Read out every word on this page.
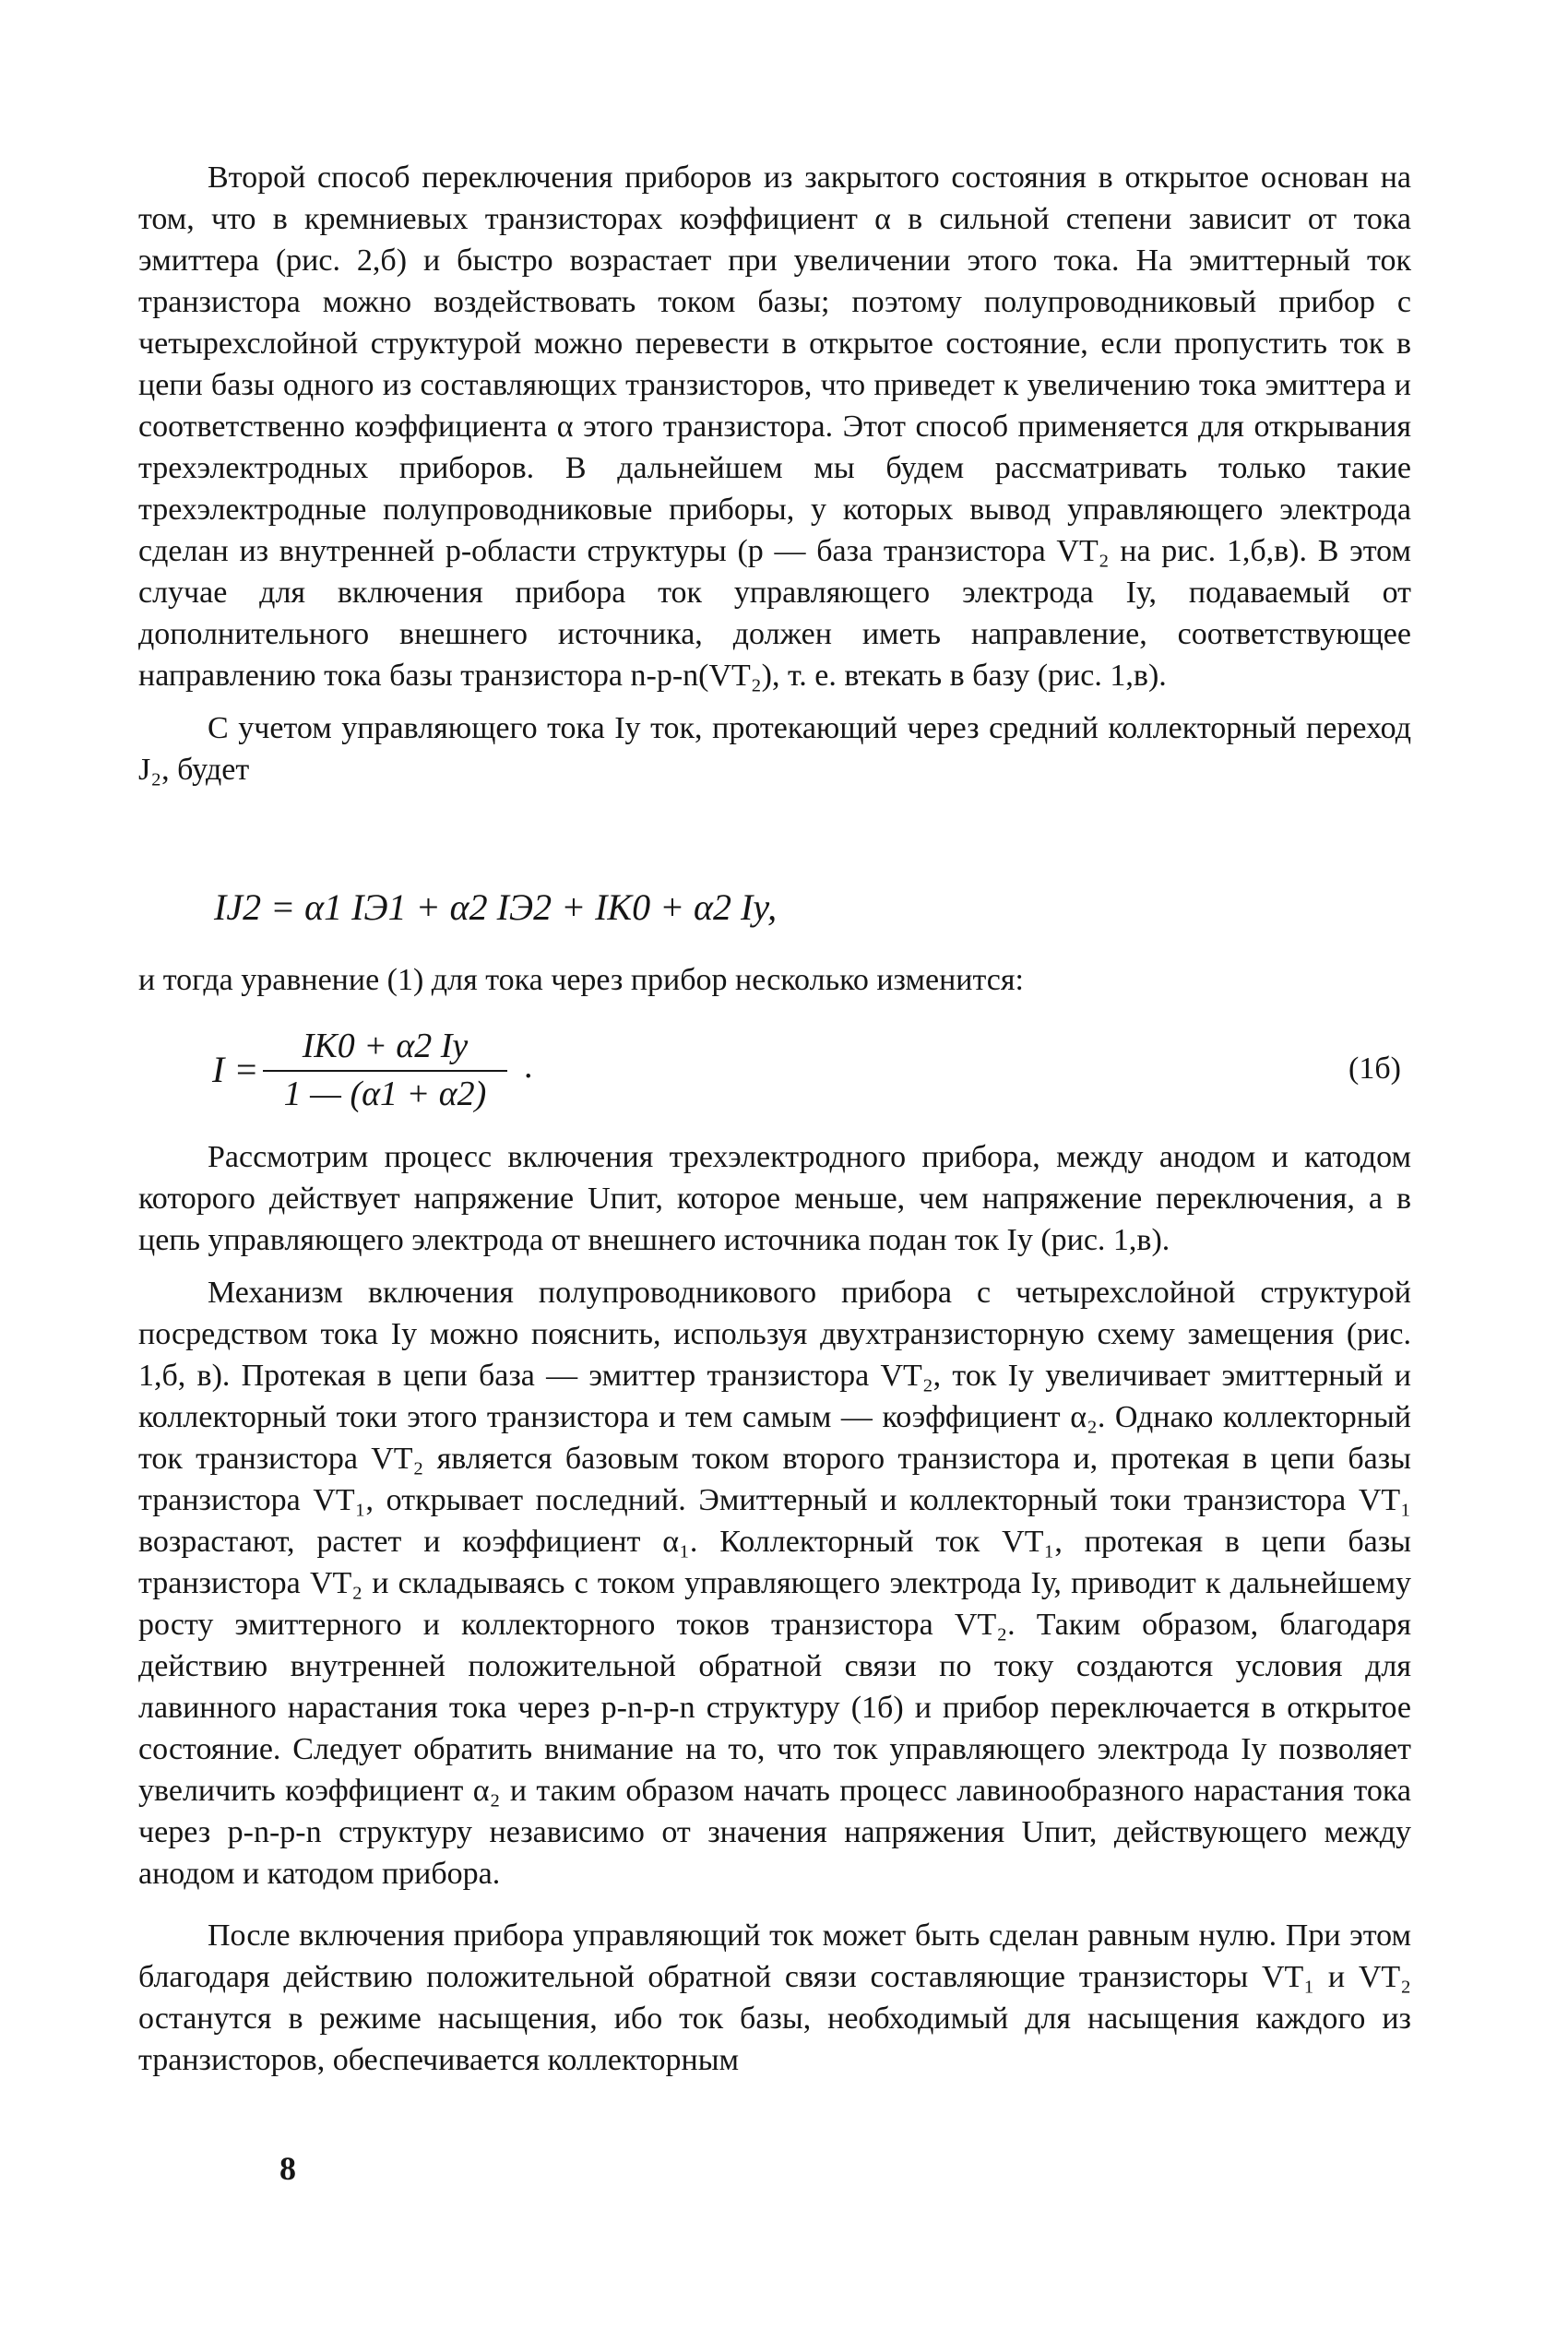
Второй способ переключения приборов из закрытого состояния в открытое основан на том, что в кремниевых транзисторах коэффициент α в сильной степени зависит от тока эмиттера (рис. 2,б) и быстро возрастает при увеличении этого тока. На эмиттерный ток транзистора можно воздействовать током базы; поэтому полупроводниковый прибор с четырехслойной структурой можно перевести в открытое состояние, если пропустить ток в цепи базы одного из составляющих транзисторов, что приведет к увеличению тока эмиттера и соответственно коэффициента α этого транзистора. Этот способ применяется для открывания трехэлектродных приборов. В дальнейшем мы будем рассматривать только такие трехэлектродные полупроводниковые приборы, у которых вывод управляющего электрода сделан из внутренней p-области структуры (p — база транзистора VT₂ на рис. 1,б,в). В этом случае для включения прибора ток управляющего электрода Iу, подаваемый от дополнительного внешнего источника, должен иметь направление, соответствующее направлению тока базы транзистора n-p-n(VT₂), т. е. втекать в базу (рис. 1,в).

С учетом управляющего тока Iу ток, протекающий через средний коллекторный переход J₂, будет

IJ2 = α1 IЭ1 + α2 IЭ2 + IK0 + α2 Iу,

и тогда уравнение (1) для тока через прибор несколько изменится:

I =
IK0 + α2 Iу
1 — (α1 + α2)
.	(1б)

Рассмотрим процесс включения трехэлектродного прибора, между анодом и катодом которого действует напряжение Uпит, которое меньше, чем напряжение переключения, а в цепь управляющего электрода от внешнего источника подан ток Iу (рис. 1,в).

Механизм включения полупроводникового прибора с четырехслойной структурой посредством тока Iу можно пояснить, используя двухтранзисторную схему замещения (рис. 1,б, в). Протекая в цепи база — эмиттер транзистора VT₂, ток Iу увеличивает эмиттерный и коллекторный токи этого транзистора и тем самым — коэффициент α₂. Однако коллекторный ток транзистора VT₂ является базовым током второго транзистора и, протекая в цепи базы транзистора VT₁, открывает последний. Эмиттерный и коллекторный токи транзистора VT₁ возрастают, растет и коэффициент α₁. Коллекторный ток VT₁, протекая в цепи базы транзистора VT₂ и складываясь с током управляющего электрода Iу, приводит к дальнейшему росту эмиттерного и коллекторного токов транзистора VT₂. Таким образом, благодаря действию внутренней положительной обратной связи по току создаются условия для лавинного нарастания тока через p-n-p-n структуру (1б) и прибор переключается в открытое состояние. Следует обратить внимание на то, что ток управляющего электрода Iу позволяет увеличить коэффициент α₂ и таким образом начать процесс лавинообразного нарастания тока через p-n-p-n структуру независимо от значения напряжения Uпит, действующего между анодом и катодом прибора.

После включения прибора управляющий ток может быть сделан равным нулю. При этом благодаря действию положительной обратной связи составляющие транзисторы VT₁ и VT₂ останутся в режиме насыщения, ибо ток базы, необходимый для насыщения каждого из транзисторов, обеспечивается коллекторным

8
